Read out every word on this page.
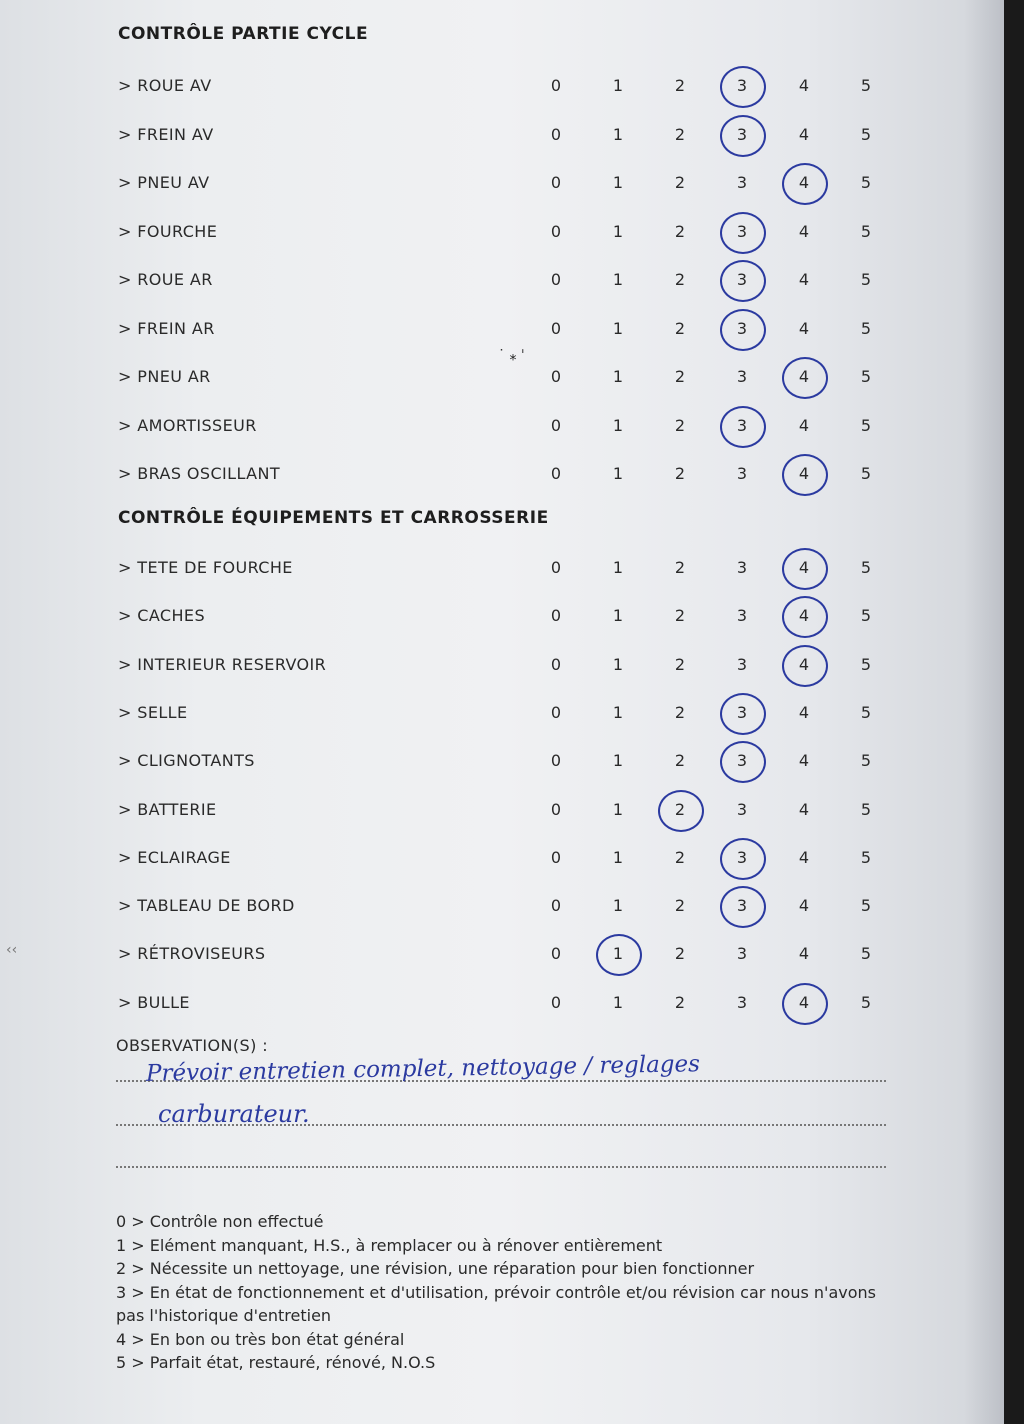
CONTRÔLE PARTIE CYCLE
> ROUE AV	0	1	2	3	4	5
> FREIN AV	0	1	2	3	4	5
> PNEU AV	0	1	2	3	4	5
> FOURCHE	0	1	2	3	4	5
> ROUE AR	0	1	2	3	4	5
> FREIN AR	0	1	2	3	4	5
> PNEU AR	0	1	2	3	4	5
> AMORTISSEUR	0	1	2	3	4	5
> BRAS OSCILLANT	0	1	2	3	4	5
CONTRÔLE ÉQUIPEMENTS ET CARROSSERIE
> TETE DE FOURCHE	0	1	2	3	4	5
> CACHES	0	1	2	3	4	5
> INTERIEUR RESERVOIR	0	1	2	3	4	5
> SELLE	0	1	2	3	4	5
> CLIGNOTANTS	0	1	2	3	4	5
> BATTERIE	0	1	2	3	4	5
> ECLAIRAGE	0	1	2	3	4	5
> TABLEAU DE BORD	0	1	2	3	4	5
> RÉTROVISEURS	0	1	2	3	4	5
> BULLE	0	1	2	3	4	5
˙ ⁎ ˈ
‹‹
OBSERVATION(S) :
Prévoir entretien complet, nettoyage / reglages
carburateur.
0 > Contrôle non effectué
1 > Elément manquant, H.S., à remplacer ou à rénover entièrement
2 > Nécessite un nettoyage, une révision, une réparation pour bien fonctionner
3 > En état de fonctionnement et d'utilisation, prévoir contrôle et/ou révision car nous n'avons pas l'historique d'entretien
4 > En bon ou très bon état général
5 > Parfait état, restauré, rénové, N.O.S
